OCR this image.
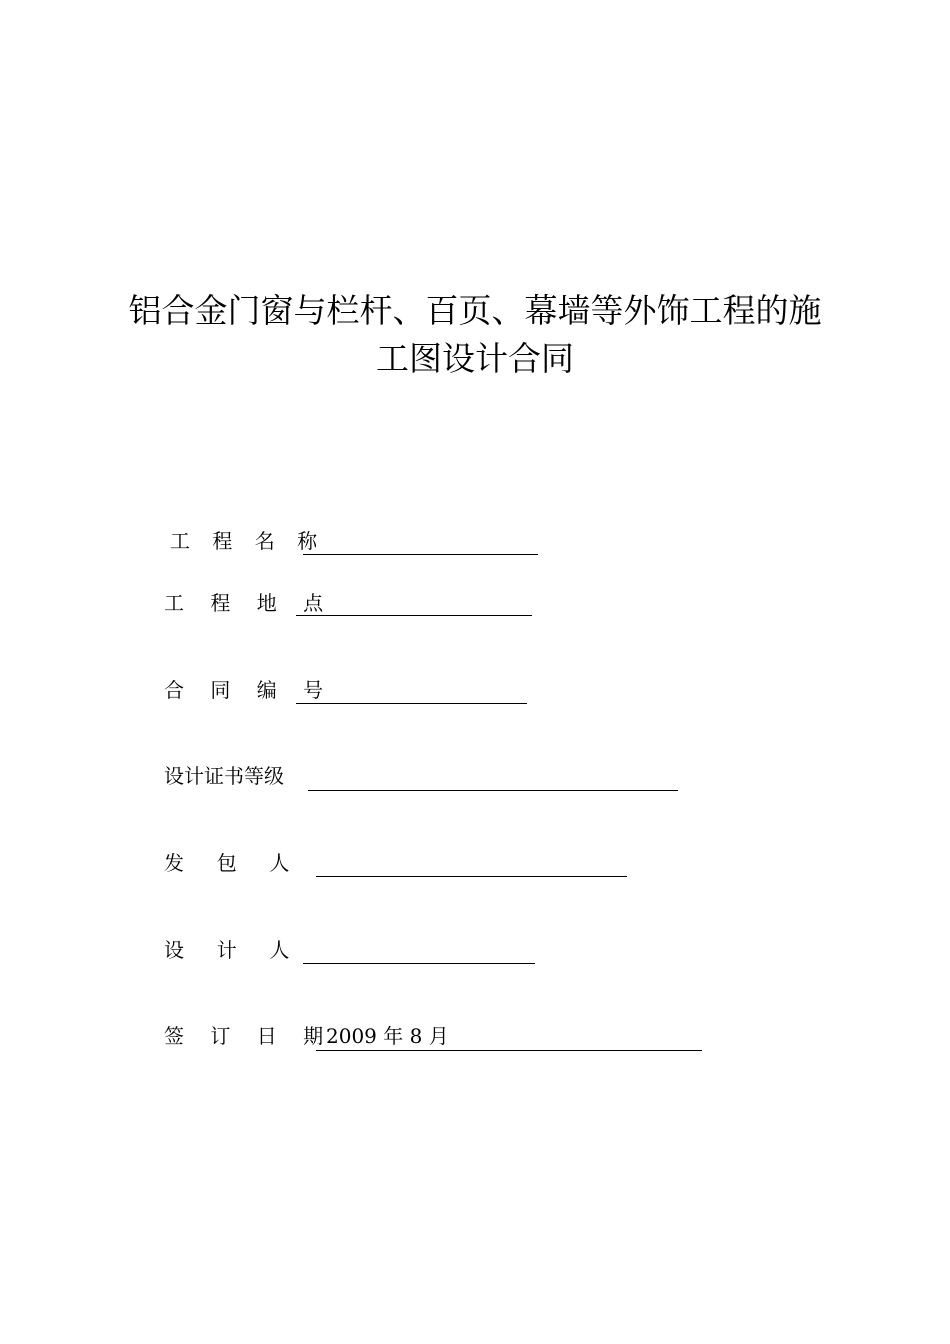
铝合金门窗与栏杆、百页、幕墙等外饰工程的施
工图设计合同
工 程 名 称
工 程 地 点
合 同 编 号
设计证书等级
发　  包　  人
设　  计　  人
签 订 日 期
2009 年 8 月
